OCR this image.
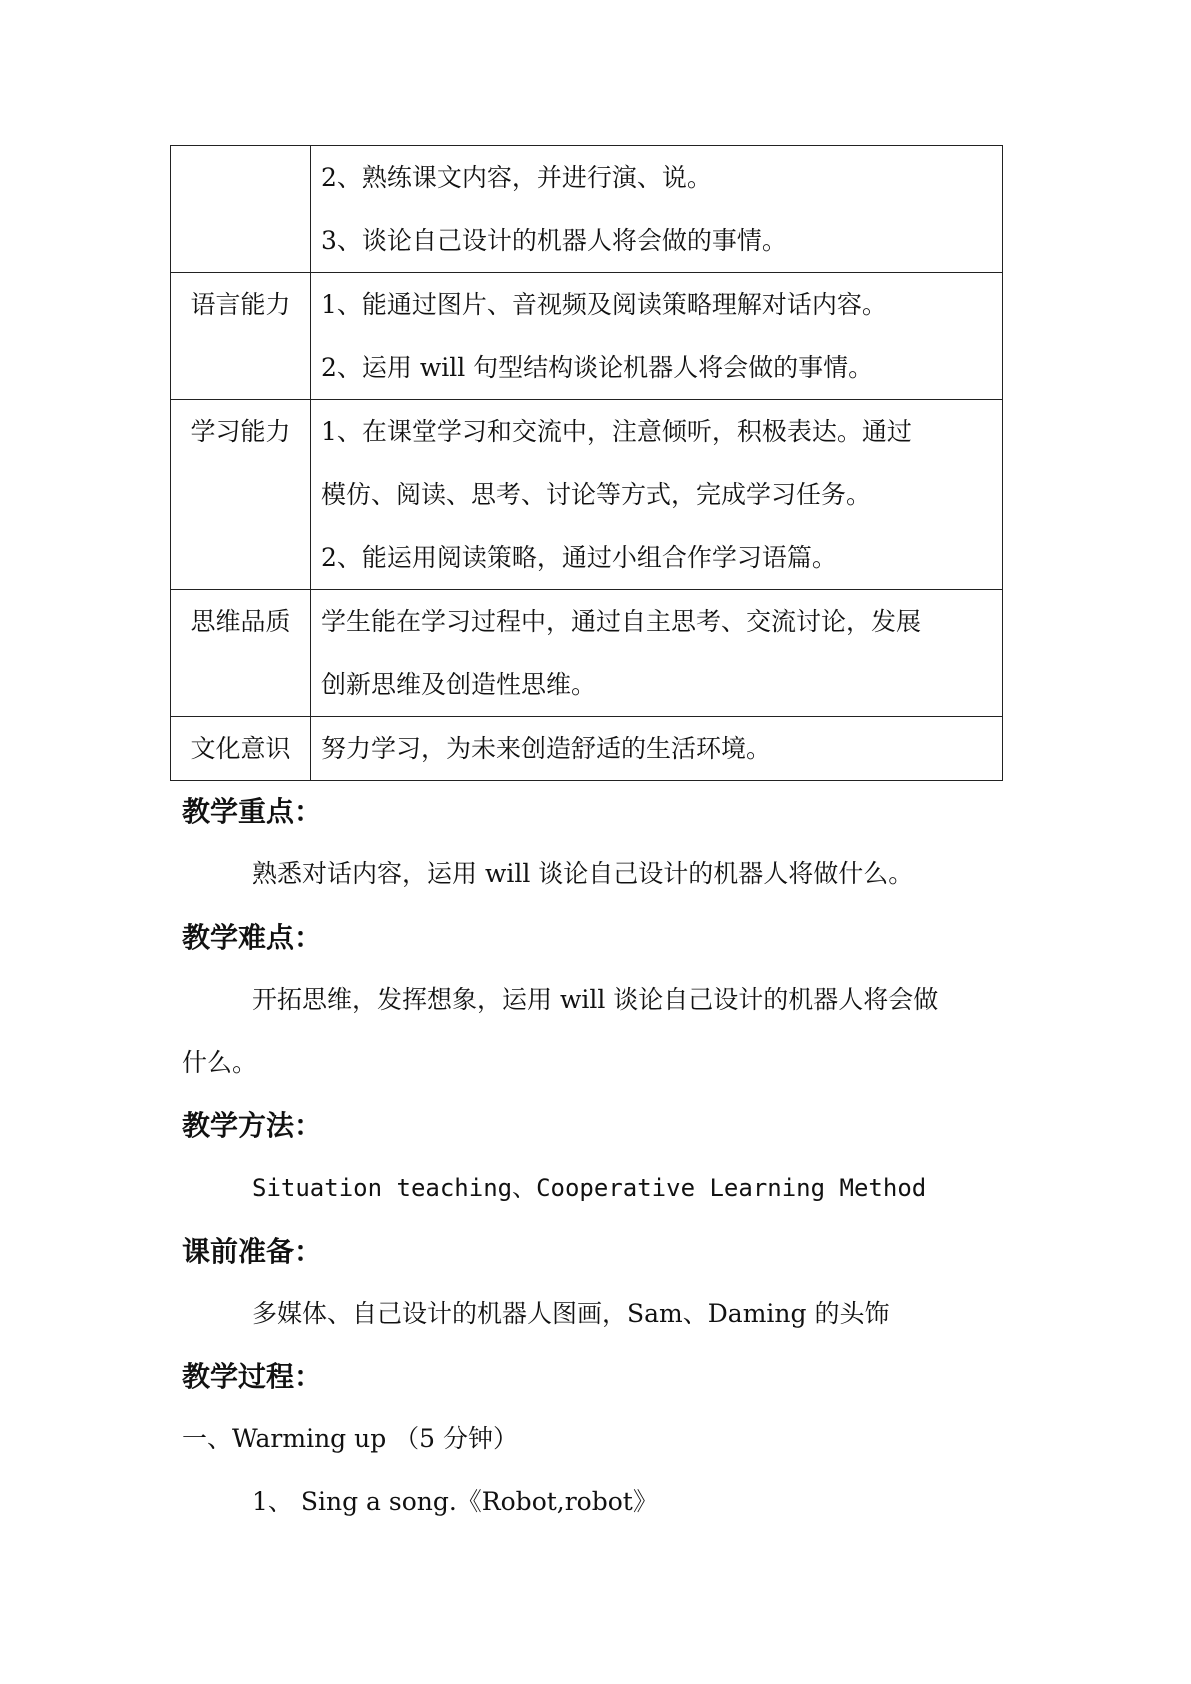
	2、熟练课文内容，并进行演、说。
3、谈论自己设计的机器人将会做的事情。

语言能力	1、能通过图片、音视频及阅读策略理解对话内容。
2、运用 will 句型结构谈论机器人将会做的事情。

学习能力	1、在课堂学习和交流中，注意倾听，积极表达。通过
模仿、阅读、思考、讨论等方式，完成学习任务。
2、能运用阅读策略，通过小组合作学习语篇。

思维品质	学生能在学习过程中，通过自主思考、交流讨论，发展
创新思维及创造性思维。

文化意识	努力学习，为未来创造舒适的生活环境。
教学重点：
熟悉对话内容，运用 will 谈论自己设计的机器人将做什么。
教学难点：
开拓思维，发挥想象，运用 will 谈论自己设计的机器人将会做
什么。
教学方法：
Situation teaching、Cooperative Learning Method
课前准备：
多媒体、自己设计的机器人图画，Sam、Daming 的头饰
教学过程：
一、Warming up （5 分钟）
1、 Sing a song.《Robot,robot》
